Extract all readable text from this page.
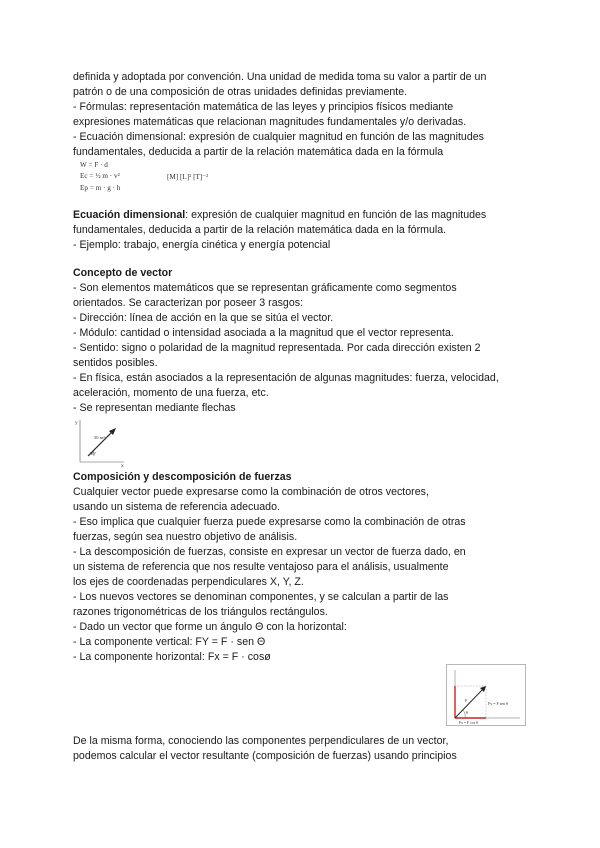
definida y adoptada por convención. Una unidad de medida toma su valor a partir de un
patrón o de una composición de otras unidades definidas previamente.
- Fórmulas: representación matemática de las leyes y principios físicos mediante
expresiones matemáticas que relacionan magnitudes fundamentales y/o derivadas.
- Ecuación dimensional: expresión de cualquier magnitud en función de las magnitudes
fundamentales, deducida a partir de la relación matemática dada en la fórmula
W = F · d
Ec = ½ m · v²
Ep = m · g · h
[M] [L]² [T]⁻²
Ecuación dimensional: expresión de cualquier magnitud en función de las magnitudes
fundamentales, deducida a partir de la relación matemática dada en la fórmula.
- Ejemplo: trabajo, energía cinética y energía potencial
Concepto de vector
- Son elementos matemáticos que se representan gráficamente como segmentos
orientados. Se caracterizan por poseer 3 rasgos:
- Dirección: línea de acción en la que se sitúa el vector.
- Módulo: cantidad o intensidad asociada a la magnitud que el vector representa.
- Sentido: signo o polaridad de la magnitud representada. Por cada dirección existen 2
sentidos posibles.
- En física, están asociados a la representación de algunas magnitudes: fuerza, velocidad,
aceleración, momento de una fuerza, etc.
- Se representan mediante flechas
y
x
30 m/s
30°
Composición y descomposición de fuerzas
Cualquier vector puede expresarse como la combinación de otros vectores,
usando un sistema de referencia adecuado.
- Eso implica que cualquier fuerza puede expresarse como la combinación de otras
fuerzas, según sea nuestro objetivo de análisis.
- La descomposición de fuerzas, consiste en expresar un vector de fuerza dado, en
un sistema de referencia que nos resulte ventajoso para el análisis, usualmente
los ejes de coordenadas perpendiculares X, Y, Z.
- Los nuevos vectores se denominan componentes, y se calculan a partir de las
razones trigonométricas de los triángulos rectángulos.
- Dado un vector que forme un ángulo Θ con la horizontal:
- La componente vertical: FY = F · sen Θ
- La componente horizontal: Fx = F · cosø
F
θ
Fy = F sen θ
Fx = F cos θ
De la misma forma, conociendo las componentes perpendiculares de un vector,
podemos calcular el vector resultante (composición de fuerzas) usando principios
